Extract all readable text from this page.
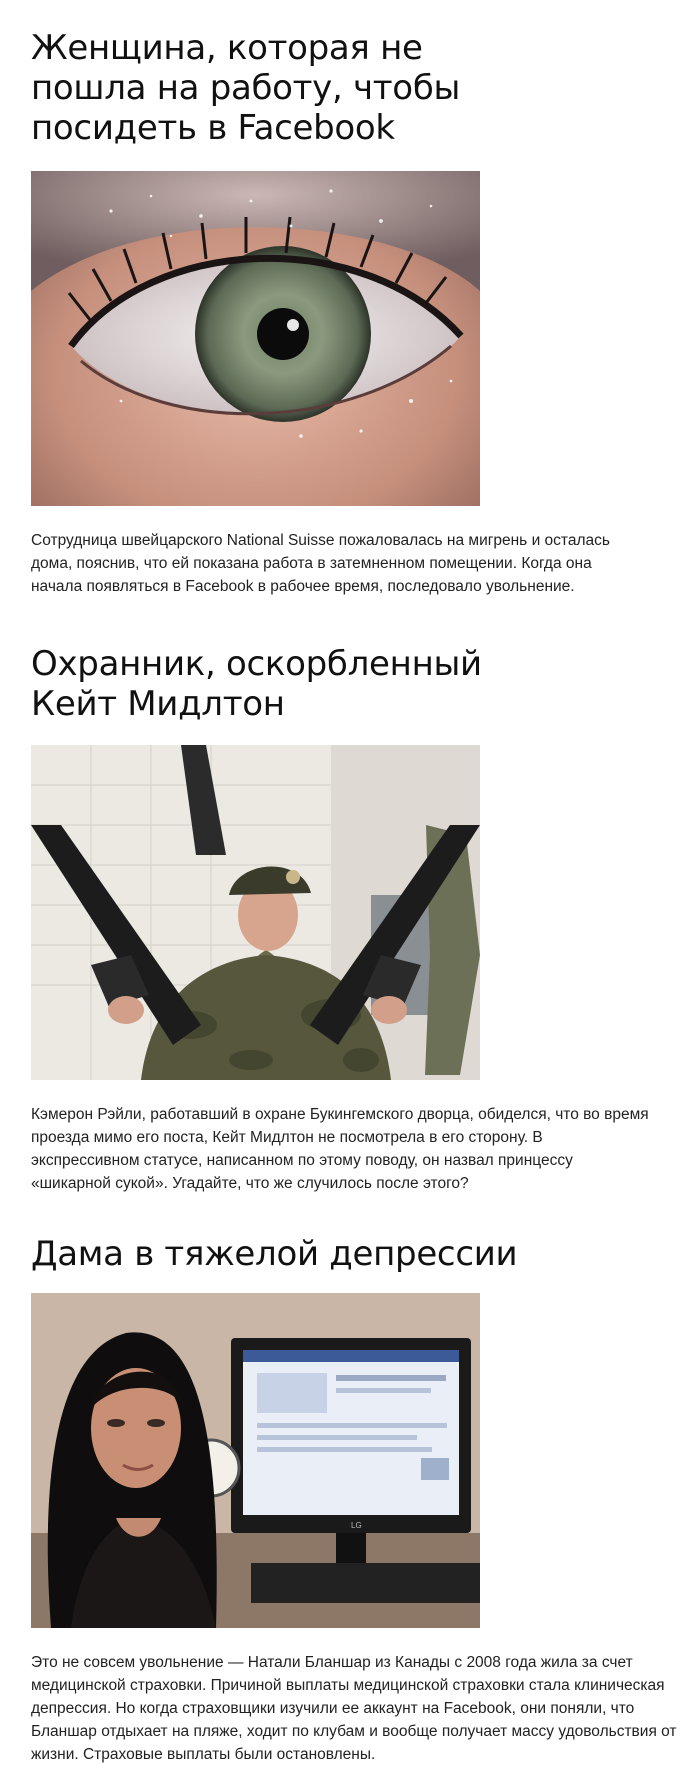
Женщина, которая не пошла на работу, чтобы посидеть в Facebook

Сотрудница швейцарского National Suisse пожаловалась на мигрень и осталась дома, пояснив, что ей показана работа в затемненном помещении. Когда она начала появляться в Facebook в рабочее время, последовало увольнение.

Охранник, оскорбленный Кейт Мидлтон

Кэмерон Рэйли, работавший в охране Букингемского дворца, обиделся, что во время проезда мимо его поста, Кейт Мидлтон не посмотрела в его сторону. В экспрессивном статусе, написанном по этому поводу, он назвал принцессу «шикарной сукой». Угадайте, что же случилось после этого?

Дама в тяжелой депрессии
LG

Это не совсем увольнение — Натали Бланшар из Канады с 2008 года жила за счет медицинской страховки. Причиной выплаты медицинской страховки стала клиническая депрессия. Но когда страховщики изучили ее аккаунт на Facebook, они поняли, что Бланшар отдыхает на пляже, ходит по клубам и вообще получает массу удовольствия от жизни. Страховые выплаты были остановлены.
